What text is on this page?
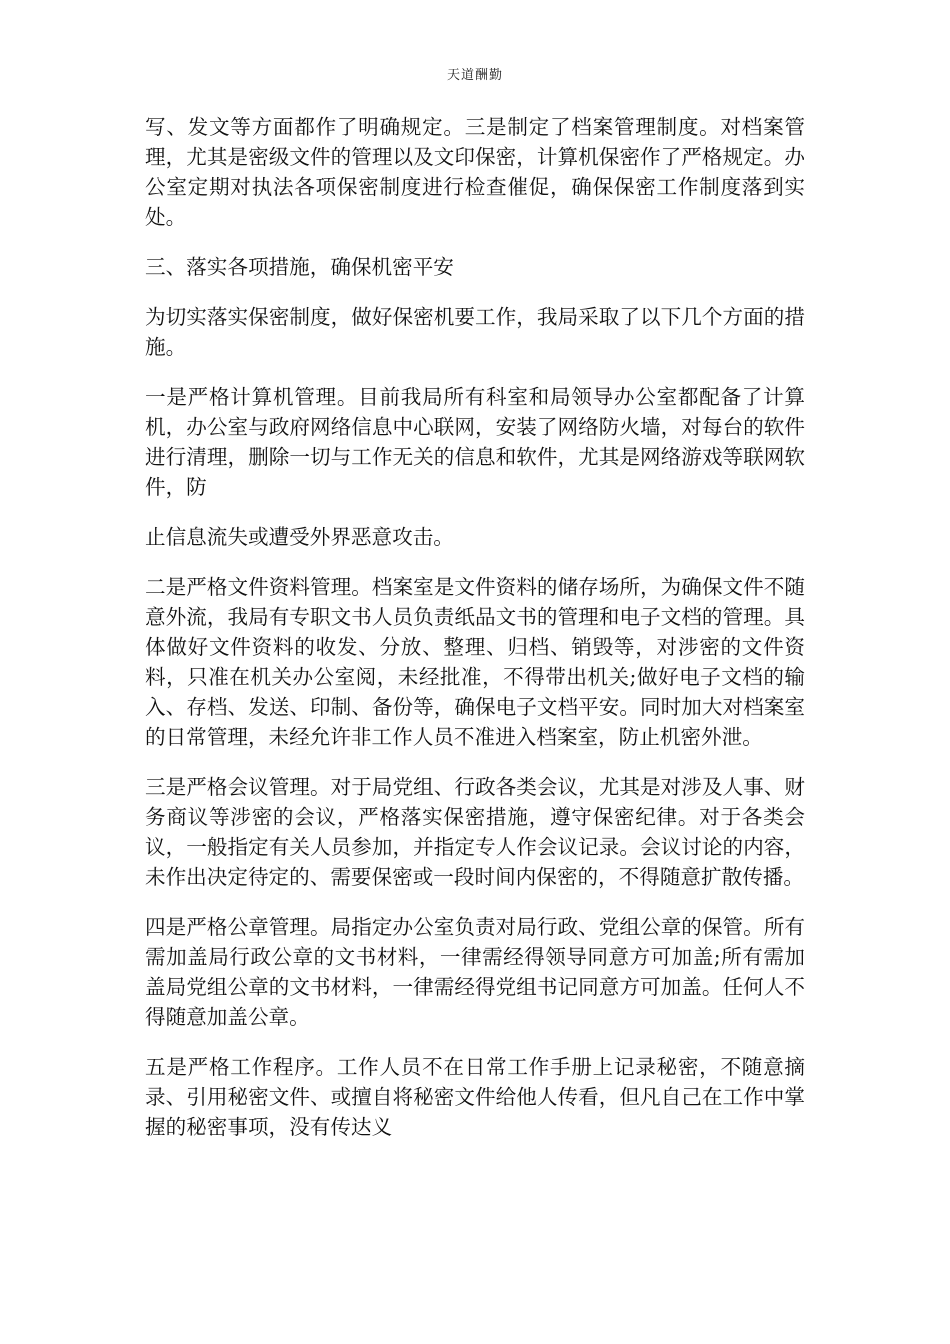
天道酬勤

写、发文等方面都作了明确规定。三是制定了档案管理制度。对档案管理，尤其是密级文件的管理以及文印保密，计算机保密作了严格规定。办公室定期对执法各项保密制度进行检查催促，确保保密工作制度落到实处。

三、落实各项措施，确保机密平安

为切实落实保密制度，做好保密机要工作，我局采取了以下几个方面的措施。

一是严格计算机管理。目前我局所有科室和局领导办公室都配备了计算机，办公室与政府网络信息中心联网，安装了网络防火墙，对每台的软件进行清理，删除一切与工作无关的信息和软件，尤其是网络游戏等联网软件，防

止信息流失或遭受外界恶意攻击。

二是严格文件资料管理。档案室是文件资料的储存场所，为确保文件不随意外流，我局有专职文书人员负责纸品文书的管理和电子文档的管理。具体做好文件资料的收发、分放、整理、归档、销毁等，对涉密的文件资料，只准在机关办公室阅，未经批准，不得带出机关;做好电子文档的输入、存档、发送、印制、备份等，确保电子文档平安。同时加大对档案室的日常管理，未经允许非工作人员不准进入档案室，防止机密外泄。

三是严格会议管理。对于局党组、行政各类会议，尤其是对涉及人事、财务商议等涉密的会议，严格落实保密措施，遵守保密纪律。对于各类会议，一般指定有关人员参加，并指定专人作会议记录。会议讨论的内容，未作出决定待定的、需要保密或一段时间内保密的，不得随意扩散传播。

四是严格公章管理。局指定办公室负责对局行政、党组公章的保管。所有需加盖局行政公章的文书材料，一律需经得领导同意方可加盖;所有需加盖局党组公章的文书材料，一律需经得党组书记同意方可加盖。任何人不得随意加盖公章。

五是严格工作程序。工作人员不在日常工作手册上记录秘密，不随意摘录、引用秘密文件、或擅自将秘密文件给他人传看，但凡自己在工作中掌握的秘密事项，没有传达义
